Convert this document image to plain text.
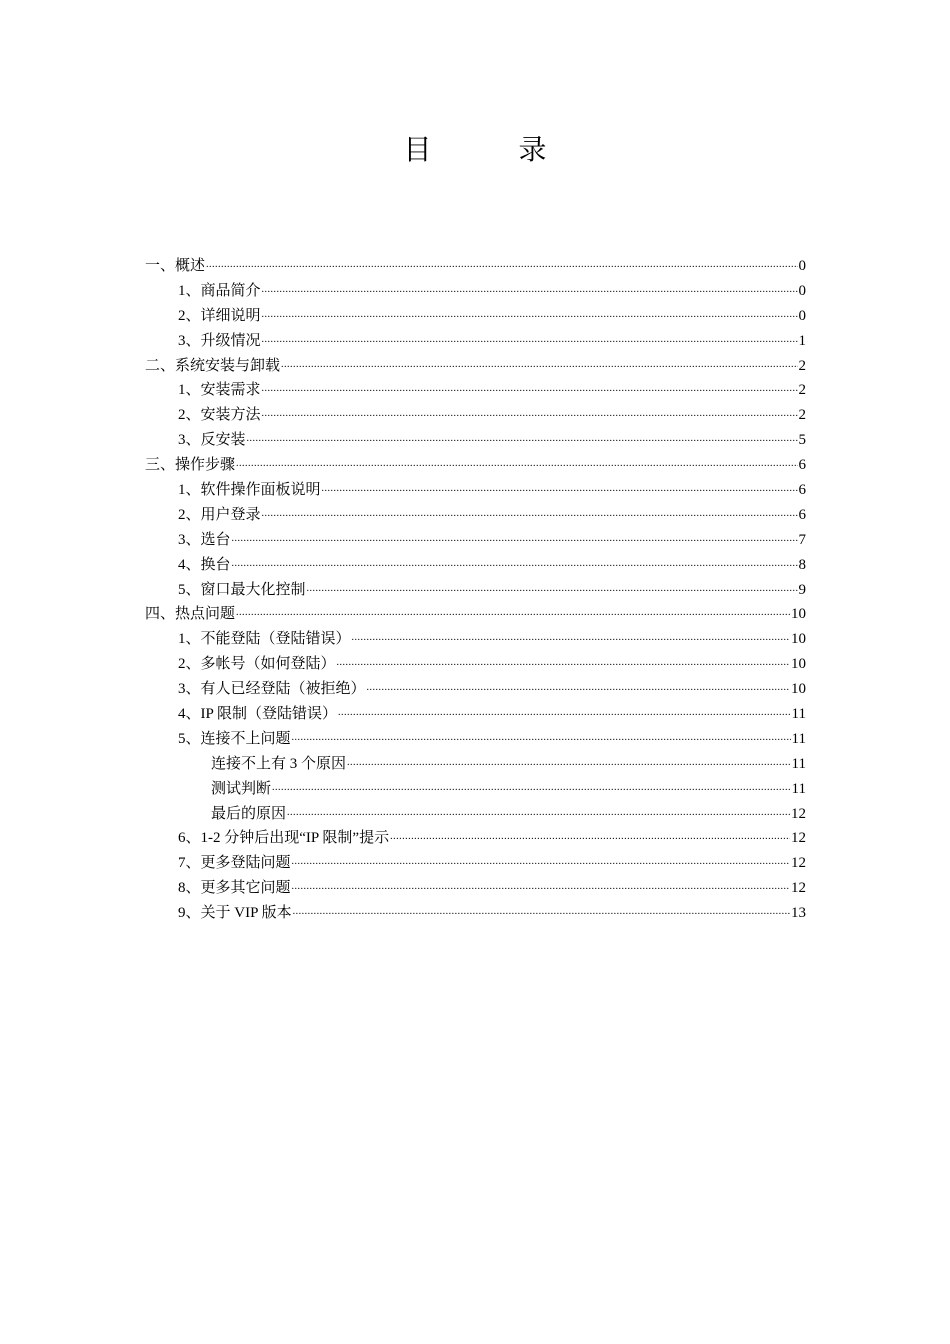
目 录
一、概述 .....	0
1、商品简介 .....	0
2、详细说明 .....	0
3、升级情况 .....	1
二、系统安装与卸载 .....	2
1、安装需求 .....	2
2、安装方法 .....	2
3、反安装 .....	5
三、操作步骤 .....	6
1、软件操作面板说明 .....	6
2、用户登录 .....	6
3、选台 .....	7
4、换台 .....	8
5、窗口最大化控制 .....	9
四、热点问题 .....	10
1、不能登陆（登陆错误） .....	10
2、多帐号（如何登陆） .....	10
3、有人已经登陆（被拒绝） .....	10
4、IP 限制（登陆错误） .....	11
5、连接不上问题 .....	11
连接不上有 3 个原因 .....	11
测试判断 .....	11
最后的原因 .....	12
6、1-2 分钟后出现“IP 限制”提示 .....	12
7、更多登陆问题 .....	12
8、更多其它问题 .....	12
9、关于 VIP 版本 .....	13
